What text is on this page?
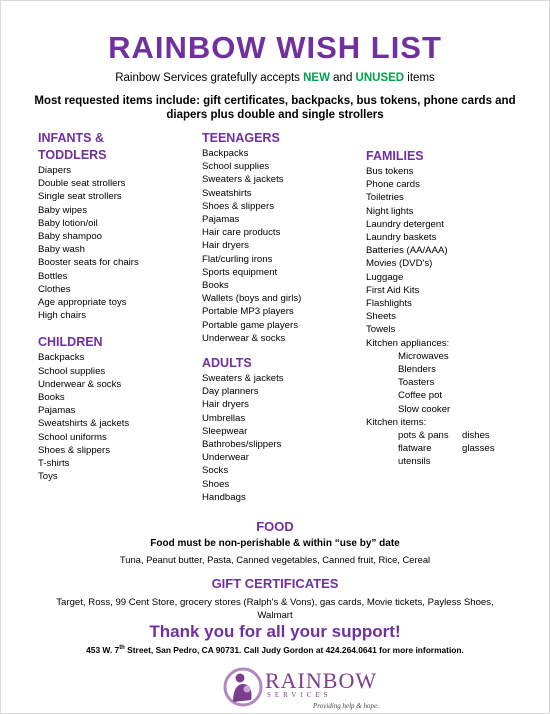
RAINBOW WISH LIST
Rainbow Services gratefully accepts NEW and UNUSED items
Most requested items include: gift certificates, backpacks, bus tokens, phone cards and diapers plus double and single strollers
INFANTS &
TODDLERS
Diapers
Double seat strollers
Single seat strollers
Baby wipes
Baby lotion/oil
Baby shampoo
Baby wash
Booster seats for chairs
Bottles
Clothes
Age appropriate toys
High chairs
CHILDREN
Backpacks
School supplies
Underwear & socks
Books
Pajamas
Sweatshirts & jackets
School uniforms
Shoes & slippers
T-shirts
Toys
TEENAGERS
Backpacks
School supplies
Sweaters & jackets
Sweatshirts
Shoes & slippers
Pajamas
Hair care products
Hair dryers
Flat/curling irons
Sports equipment
Books
Wallets (boys and girls)
Portable MP3 players
Portable game players
Underwear & socks
ADULTS
Sweaters & jackets
Day planners
Hair dryers
Umbrellas
Sleepwear
Bathrobes/slippers
Underwear
Socks
Shoes
Handbags
FAMILIES
Bus tokens
Phone cards
Toiletries
Night lights
Laundry detergent
Laundry baskets
Batteries (AA/AAA)
Movies (DVD's)
Luggage
First Aid Kits
Flashlights
Sheets
Towels
Kitchen appliances:
Microwaves
Blenders
Toasters
Coffee pot
Slow cooker
Kitchen items:
pots & pans	dishes
flatware	glasses
utensils
FOOD
Food must be non-perishable & within “use by” date
Tuna, Peanut butter, Pasta, Canned vegetables, Canned fruit, Rice, Cereal
GIFT CERTIFICATES
Target, Ross, 99 Cent Store, grocery stores (Ralph's & Vons), gas cards, Movie tickets, Payless Shoes, Walmart
Thank you for all your support!
453 W. 7th Street, San Pedro, CA 90731. Call Judy Gordon at 424.264.0641 for more information.
RAINBOW
SERVICES
Providing help & hope.
